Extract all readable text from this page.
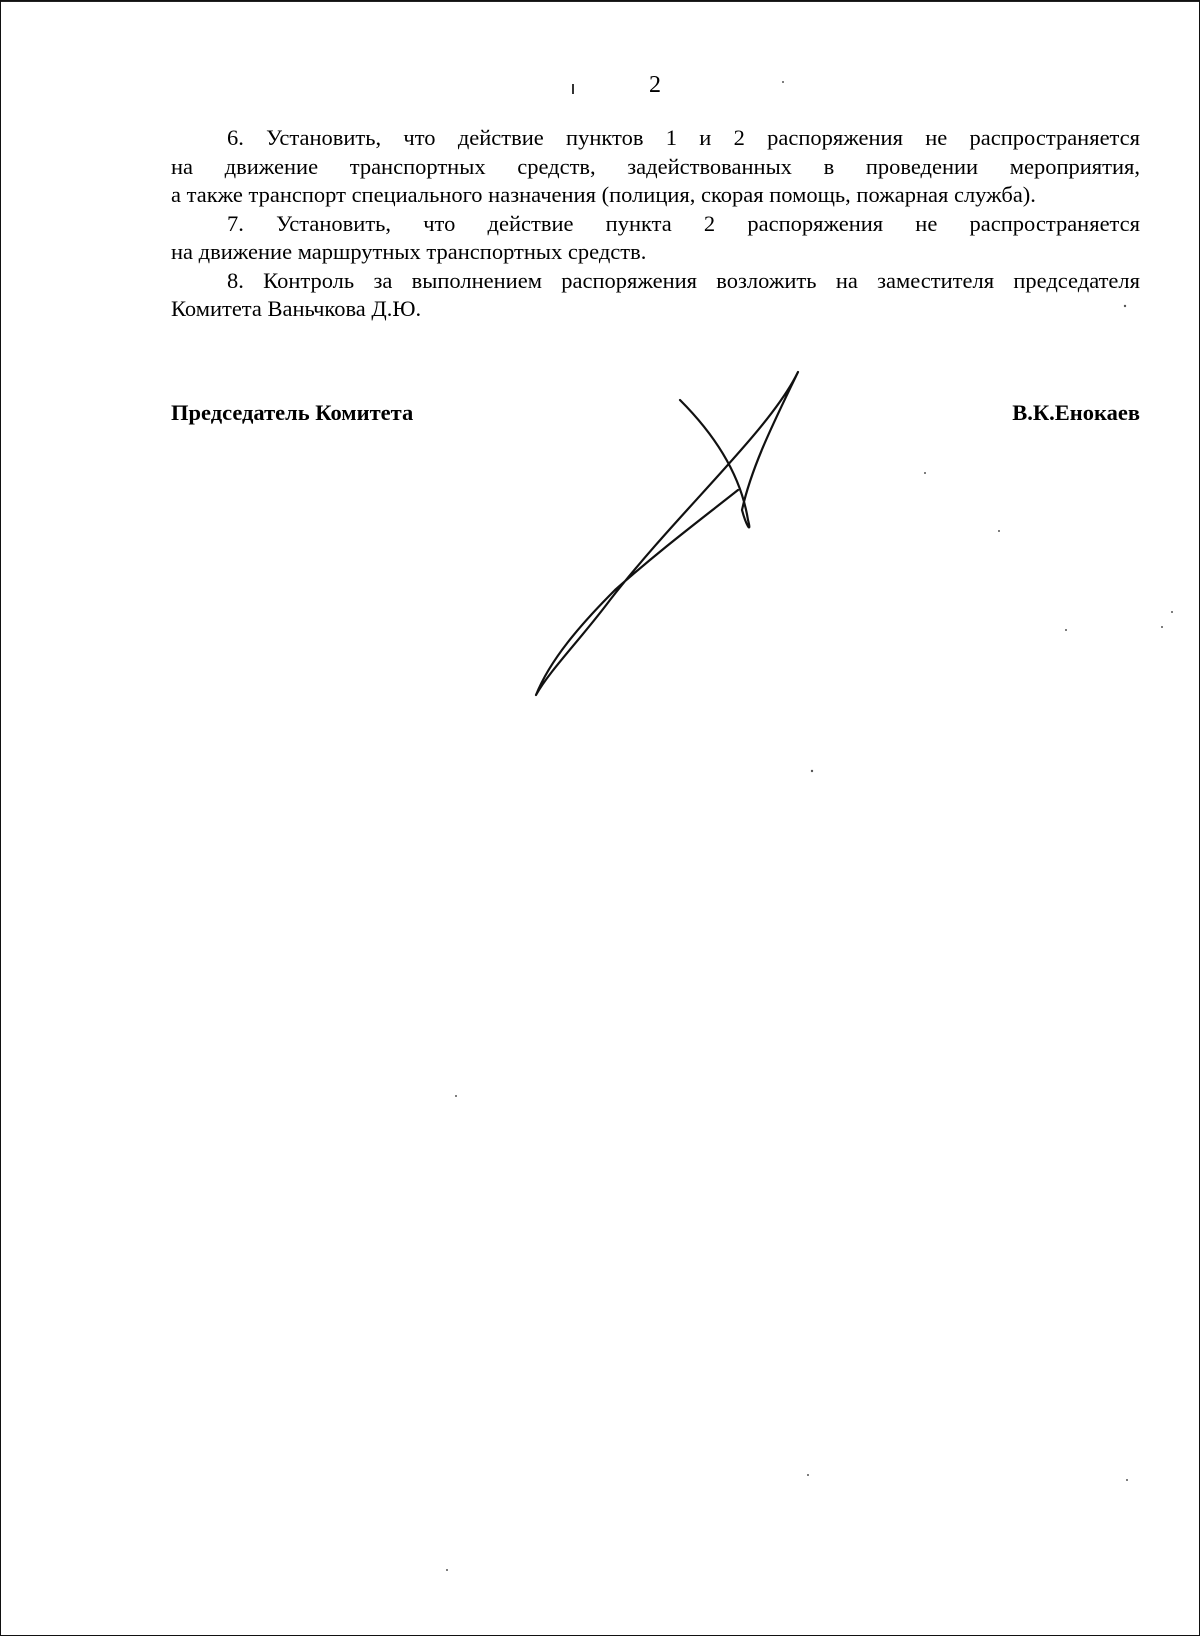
2
6. Установить, что действие пунктов 1 и 2 распоряжения не распространяется
на движение транспортных средств, задействованных в проведении мероприятия,
а также транспорт специального назначения (полиция, скорая помощь, пожарная служба).
7. Установить, что действие пункта 2 распоряжения не распространяется
на движение маршрутных транспортных средств.
8. Контроль за выполнением распоряжения возложить на заместителя председателя
Комитета Ваньчкова Д.Ю.
Председатель Комитета	В.К.Енокаев
